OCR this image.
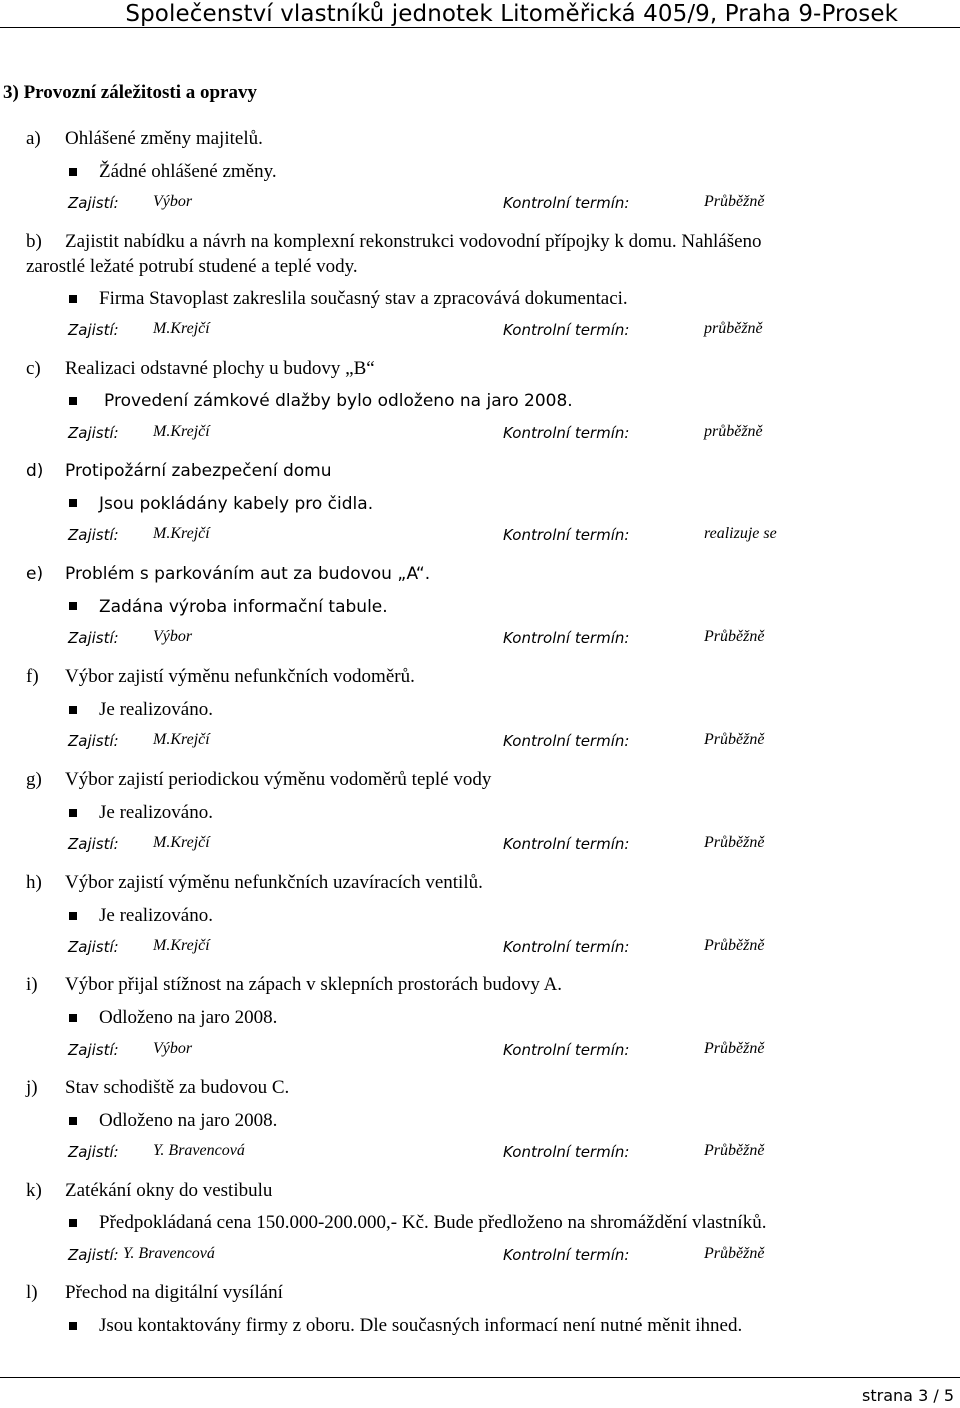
Společenství vlastníků jednotek Litoměřická 405/9, Praha 9-Prosek
3) Provozní záležitosti a opravy
a) Ohlášené změny majitelů.
Žádné ohlášené změny.
Zajistí: Výbor	Kontrolní termín:	Průběžně
b) Zajistit nabídku a návrh na komplexní rekonstrukci vodovodní přípojky k domu. Nahlášeno
zarostlé ležaté potrubí studené a teplé vody.
Firma Stavoplast zakreslila současný stav a zpracovává dokumentaci.
Zajistí: M.Krejčí	Kontrolní termín:	průběžně
c) Realizaci odstavné plochy u budovy „B“
Provedení zámkové dlažby bylo odloženo na jaro 2008.
Zajistí: M.Krejčí	Kontrolní termín:	průběžně
d) Protipožární zabezpečení domu
Jsou pokládány kabely pro čidla.
Zajistí: M.Krejčí	Kontrolní termín:	realizuje se
e) Problém s parkováním aut za budovou „A“.
Zadána výroba informační tabule.
Zajistí: Výbor	Kontrolní termín:	Průběžně
f) Výbor zajistí výměnu nefunkčních vodoměrů.
Je realizováno.
Zajistí: M.Krejčí	Kontrolní termín:	Průběžně
g) Výbor zajistí periodickou výměnu vodoměrů teplé vody
Je realizováno.
Zajistí: M.Krejčí	Kontrolní termín:	Průběžně
h) Výbor zajistí výměnu nefunkčních uzavíracích ventilů.
Je realizováno.
Zajistí: M.Krejčí	Kontrolní termín:	Průběžně
i) Výbor přijal stížnost na zápach v sklepních prostorách budovy A.
Odloženo na jaro 2008.
Zajistí: Výbor	Kontrolní termín:	Průběžně
j) Stav schodiště za budovou C.
Odloženo na jaro 2008.
Zajistí: Y. Bravencová	Kontrolní termín:	Průběžně
k) Zatékání okny do vestibulu
Předpokládaná cena 150.000-200.000,- Kč. Bude předloženo na shromáždění vlastníků.
Zajistí: Y. Bravencová	Kontrolní termín:	Průběžně
l) Přechod na digitální vysílání
Jsou kontaktovány firmy z oboru. Dle současných informací není nutné měnit ihned.
strana 3 / 5
